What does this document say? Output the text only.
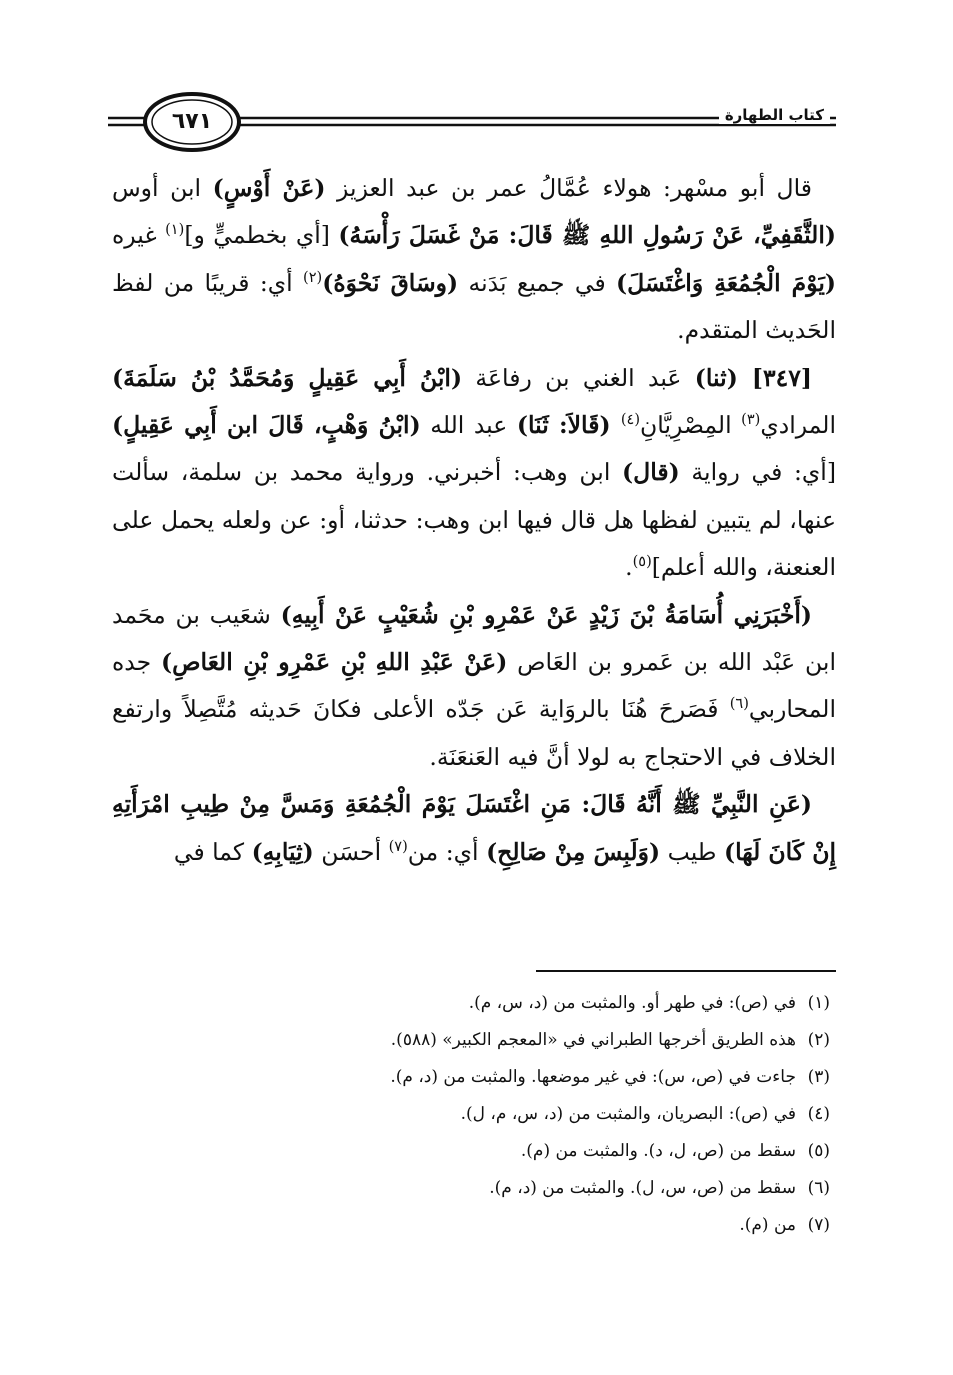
٦٧١	كتاب الطهارة

قال أبو مسْهر: هولاء عُمَّالُ عمر بن عبد العزيز (عَنْ أَوْسٍ) ابن أوس (الثَّقَفِيِّ، عَنْ رَسُولِ اللهِ ﷺ قَالَ: مَنْ غَسَلَ رَأْسَهُ) [أي بخطميٍّ و]$^{(١)}$ غيره (يَوْمَ الْجُمُعَةِ وَاغْتَسَلَ) في جميع بَدَنه (وسَاقَ نَحْوَهُ)$^{(٢)}$ أي: قريبًا من لفظ الحَديث المتقدم.

[٣٤٧] (ثنا) عَبد الغني بن رفاعَة (ابْنُ أَبِي عَقِيلٍ وَمُحَمَّدُ بْنُ سَلَمَةَ) المرادي$^{(٣)}$ المِصْرِيَّانِ$^{(٤)}$ (قَالاَ: ثَنَا) عبد الله (ابْنُ وَهْبٍ، قَالَ ابن أَبِي عَقِيلٍ) [أي: في رواية (قال) ابن وهب: أخبرني. ورواية محمد بن سلمة، سألت عنها، لم يتبين لفظها هل قال فيها ابن وهب: حدثنا، أو: عن ولعله يحمل على العنعنة، والله أعلم]$^{(٥)}$.

(أَخْبَرَنِي أُسَامَةُ بْنَ زَيْدٍ عَنْ عَمْرِو بْنِ شُعَيْبٍ عَنْ أَبِيهِ) شعَيب بن محَمد ابن عَبْد الله بن عَمرو بن العَاص (عَنْ عَبْدِ اللهِ بْنِ عَمْرِو بْنِ العَاصِ) جده المحاربي$^{(٦)}$ فَصَرحَ هُنَا بالروَاية عَن جَدّه الأعلى فكانَ حَديثه مُتَّصِلاً وارتفع الخلاف في الاحتجاج به لولا أنَّ فيه العَنعَنَة.

(عَنِ النَّبِيِّ ﷺ أَنَّهُ قَالَ: مَنِ اغْتَسَلَ يَوْمَ الْجُمُعَةِ وَمَسَّ مِنْ طِيبِ امْرَأَتِهِ إِنْ كَانَ لَهَا) طيب (وَلَبِسَ مِنْ صَالِحِ) أي: من$^{(٧)}$ أحسَن (ثِيَابِهِ) كما في

(١)في (ص): في طهر أو. والمثبت من (د، س، م).

(٢)هذه الطريق أخرجها الطبراني في «المعجم الكبير» (٥٨٨).

(٣)جاءت في (ص، س): في غير موضعها. والمثبت من (د، م).

(٤)في (ص): البصريان، والمثبت من (د، س، م، ل).

(٥)سقط من (ص، ل، د). والمثبت من (م).

(٦)سقط من (ص، س، ل). والمثبت من (د، م).

(٧)من (م).
